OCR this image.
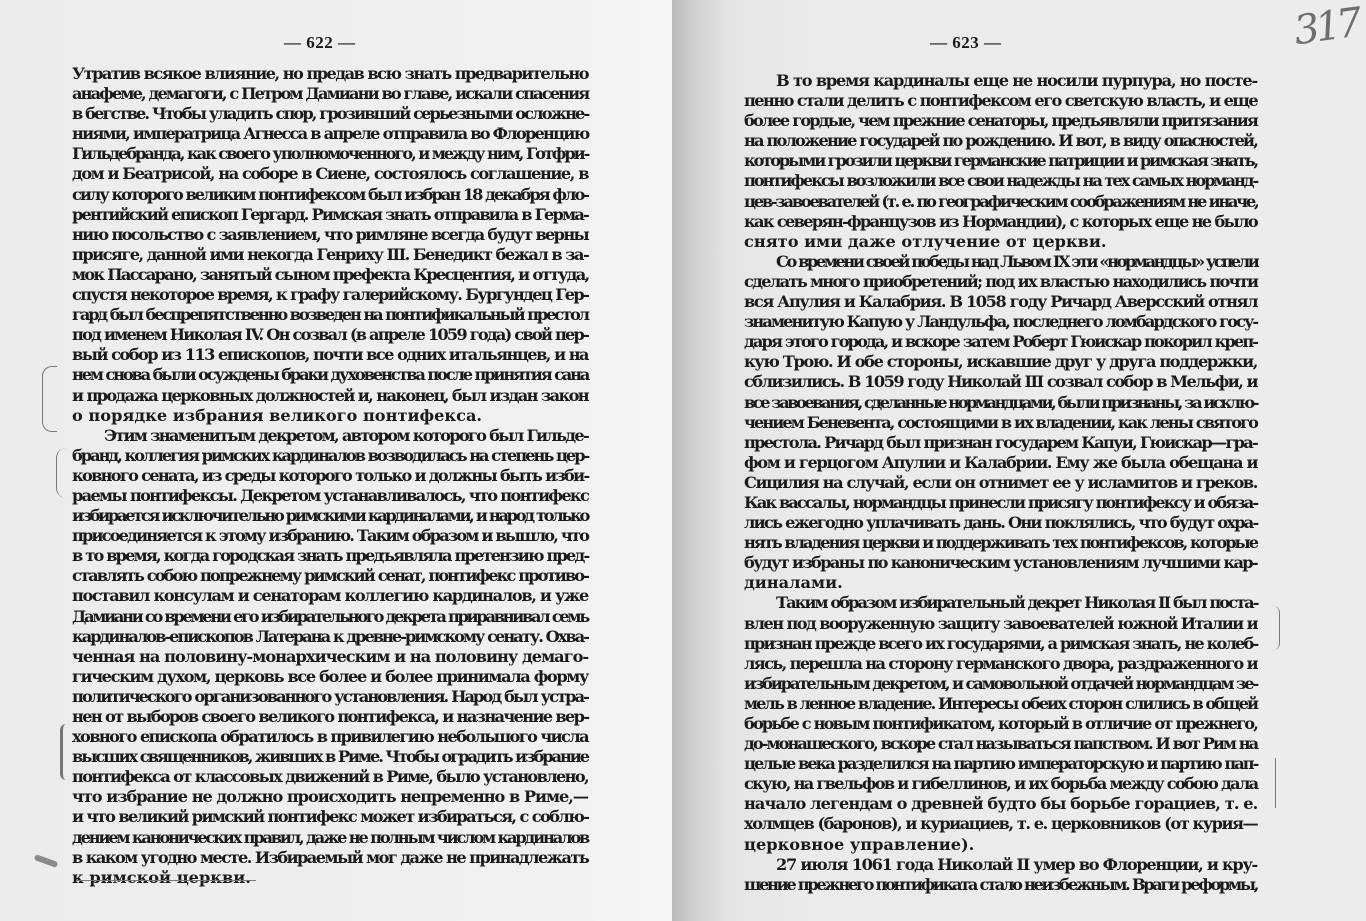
— 622 —
Утратив всякое влияние, но предав всю знать предварительно
анафеме, демагоги, с Петром Дамиани во главе, искали спасения
в бегстве. Чтобы уладить спор, грозивший серьезными осложне-
ниями, императрица Агнесса в апреле отправила во Флоренцию
Гильдебранда, как своего уполномоченного, и между ним, Готфри-
дом и Беатрисой, на соборе в Сиене, состоялось соглашение, в
силу которого великим понтифексом был избран 18 декабря фло-
рентийский епископ Гергард. Римская знать отправила в Герма-
нию посольство с заявлением, что римляне всегда будут верны
присяге, данной ими некогда Генриху III. Бенедикт бежал в за-
мок Пассарано, занятый сыном префекта Кресцентия, и оттуда,
спустя некоторое время, к графу галерийскому. Бургундец Гер-
гард был беспрепятственно возведен на понтификальный престол
под именем Николая IV. Он созвал (в апреле 1059 года) свой пер-
вый собор из 113 епископов, почти все одних итальянцев, и на
нем снова были осуждены браки духовенства после принятия сана
и продажа церковных должностей и, наконец, был издан закон
о порядке избрания великого понтифекса.
Этим знаменитым декретом, автором которого был Гильде-
бранд, коллегия римских кардиналов возводилась на степень цер-
ковного сената, из среды которого только и должны быть изби-
раемы понтифексы. Декретом устанавливалось, что понтифекс
избирается исключительно римскими кардиналами, и народ только
присоединяется к этому избранию. Таким образом и вышло, что
в то время, когда городская знать предъявляла претензию пред-
ставлять собою попрежнему римский сенат, понтифекс противо-
поставил консулам и сенаторам коллегию кардиналов, и уже
Дамиани со времени его избирательного декрета приравнивал семь
кардиналов-епископов Латерана к древне-римскому сенату. Охва-
ченная на половину-монархическим и на половину демаго-
гическим духом, церковь все более и более принимала форму
политического организованного установления. Народ был устра-
нен от выборов своего великого понтифекса, и назначение вер-
ховного епископа обратилось в привилегию небольшого числа
высших священников, живших в Риме. Чтобы оградить избрание
понтифекса от классовых движений в Риме, было установлено,
что избрание не должно происходить непременно в Риме,—
и что великий римский понтифекс может избираться, с соблю-
дением канонических правил, даже не полным числом кардиналов
в каком угодно месте. Избираемый мог даже не принадлежать
к римской церкви.
— 623 —	317
В то время кардиналы еще не носили пурпура, но посте-
пенно стали делить с понтифексом его светскую власть, и еще
более гордые, чем прежние сенаторы, предъявляли притязания
на положение государей по рождению. И вот, в виду опасностей,
которыми грозили церкви германские патриции и римская знать,
понтифексы возложили все свои надежды на тех самых норманд-
цев-завоевателей (т. е. по географическим соображениям не иначе,
как северян-французов из Нормандии), с которых еще не было
снято ими даже отлучение от церкви.
Со времени своей победы над Львом IX эти «нормандцы» успели
сделать много приобретений; под их властью находились почти
вся Апулия и Калабрия. В 1058 году Ричард Аверсский отнял
знаменитую Капую у Ландульфа, последнего ломбардского госу-
даря этого города, и вскоре затем Роберт Гюискар покорил креп-
кую Трою. И обе стороны, искавшие друг у друга поддержки,
сблизились. В 1059 году Николай III созвал собор в Мельфи, и
все завоевания, сделанные нормандцами, были признаны, за исклю-
чением Беневента, состоящими в их владении, как лены святого
престола. Ричард был признан государем Капуи, Гюискар—гра-
фом и герцогом Апулии и Калабрии. Ему же была обещана и
Сицилия на случай, если он отнимет ее у исламитов и греков.
Как вассалы, нормандцы принесли присягу понтифексу и обяза-
лись ежегодно уплачивать дань. Они поклялись, что будут охра-
нять владения церкви и поддерживать тех понтифексов, которые
будут избраны по каноническим установлениям лучшими кар-
диналами.
Таким образом избирательный декрет Николая II был поста-
влен под вооруженную защиту завоевателей южной Италии и
признан прежде всего их государями, а римская знать, не колеб-
лясь, перешла на сторону германского двора, раздраженного и
избирательным декретом, и самовольной отдачей нормандцам зе-
мель в ленное владение. Интересы обеих сторон слились в общей
борьбе с новым понтификатом, который в отличие от прежнего,
до-монашеского, вскоре стал называться папством. И вот Рим на
целые века разделился на партию императорскую и партию пап-
скую, на гвельфов и гибеллинов, и их борьба между собою дала
начало легендам о древней будто бы борьбе горациев, т. е.
холмцев (баронов), и куриациев, т. е. церковников (от курия—
церковное управление).
27 июля 1061 года Николай II умер во Флоренции, и кру-
шение прежнего понтификата стало неизбежным. Враги реформы,
